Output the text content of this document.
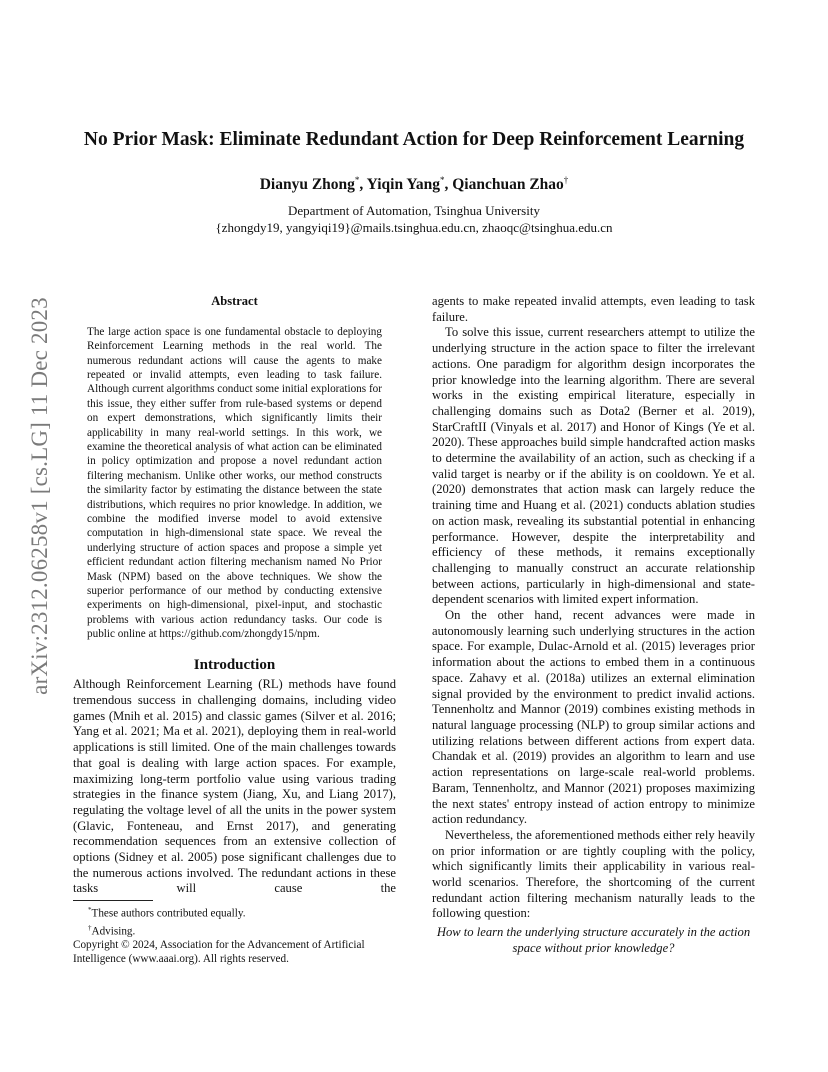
arXiv:2312.06258v1 [cs.LG] 11 Dec 2023
No Prior Mask: Eliminate Redundant Action for Deep Reinforcement Learning
Dianyu Zhong*, Yiqin Yang*, Qianchuan Zhao†
Department of Automation, Tsinghua University
{zhongdy19, yangyiqi19}@mails.tsinghua.edu.cn, zhaoqc@tsinghua.edu.cn

Abstract

The large action space is one fundamental obstacle to deploying Reinforcement Learning methods in the real world. The numerous redundant actions will cause the agents to make repeated or invalid attempts, even leading to task failure. Although current algorithms conduct some initial explorations for this issue, they either suffer from rule-based systems or depend on expert demonstrations, which significantly limits their applicability in many real-world settings. In this work, we examine the theoretical analysis of what action can be eliminated in policy optimization and propose a novel redundant action filtering mechanism. Unlike other works, our method constructs the similarity factor by estimating the distance between the state distributions, which requires no prior knowledge. In addition, we combine the modified inverse model to avoid extensive computation in high-dimensional state space. We reveal the underlying structure of action spaces and propose a simple yet efficient redundant action filtering mechanism named No Prior Mask (NPM) based on the above techniques. We show the superior performance of our method by conducting extensive experiments on high-dimensional, pixel-input, and stochastic problems with various action redundancy tasks. Our code is public online at https://github.com/zhongdy15/npm.

Introduction

Although Reinforcement Learning (RL) methods have found tremendous success in challenging domains, including video games (Mnih et al. 2015) and classic games (Silver et al. 2016; Yang et al. 2021; Ma et al. 2021), deploying them in real-world applications is still limited. One of the main challenges towards that goal is dealing with large action spaces. For example, maximizing long-term portfolio value using various trading strategies in the finance system (Jiang, Xu, and Liang 2017), regulating the voltage level of all the units in the power system (Glavic, Fonteneau, and Ernst 2017), and generating recommendation sequences from an extensive collection of options (Sidney et al. 2005) pose significant challenges due to the numerous actions involved. The redundant actions in these tasks will cause the

*These authors contributed equally.
†Advising.
Copyright © 2024, Association for the Advancement of Artificial Intelligence (www.aaai.org). All rights reserved.

agents to make repeated invalid attempts, even leading to task failure.

To solve this issue, current researchers attempt to utilize the underlying structure in the action space to filter the irrelevant actions. One paradigm for algorithm design incorporates the prior knowledge into the learning algorithm. There are several works in the existing empirical literature, especially in challenging domains such as Dota2 (Berner et al. 2019), StarCraftII (Vinyals et al. 2017) and Honor of Kings (Ye et al. 2020). These approaches build simple handcrafted action masks to determine the availability of an action, such as checking if a valid target is nearby or if the ability is on cooldown. Ye et al. (2020) demonstrates that action mask can largely reduce the training time and Huang et al. (2021) conducts ablation studies on action mask, revealing its substantial potential in enhancing performance. However, despite the interpretability and efficiency of these methods, it remains exceptionally challenging to manually construct an accurate relationship between actions, particularly in high-dimensional and state-dependent scenarios with limited expert information.

On the other hand, recent advances were made in autonomously learning such underlying structures in the action space. For example, Dulac-Arnold et al. (2015) leverages prior information about the actions to embed them in a continuous space. Zahavy et al. (2018a) utilizes an external elimination signal provided by the environment to predict invalid actions. Tennenholtz and Mannor (2019) combines existing methods in natural language processing (NLP) to group similar actions and utilizing relations between different actions from expert data. Chandak et al. (2019) provides an algorithm to learn and use action representations on large-scale real-world problems. Baram, Tennenholtz, and Mannor (2021) proposes maximizing the next states' entropy instead of action entropy to minimize action redundancy.

Nevertheless, the aforementioned methods either rely heavily on prior information or are tightly coupling with the policy, which significantly limits their applicability in various real-world scenarios. Therefore, the shortcoming of the current redundant action filtering mechanism naturally leads to the following question:

How to learn the underlying structure accurately in the action space without prior knowledge?
